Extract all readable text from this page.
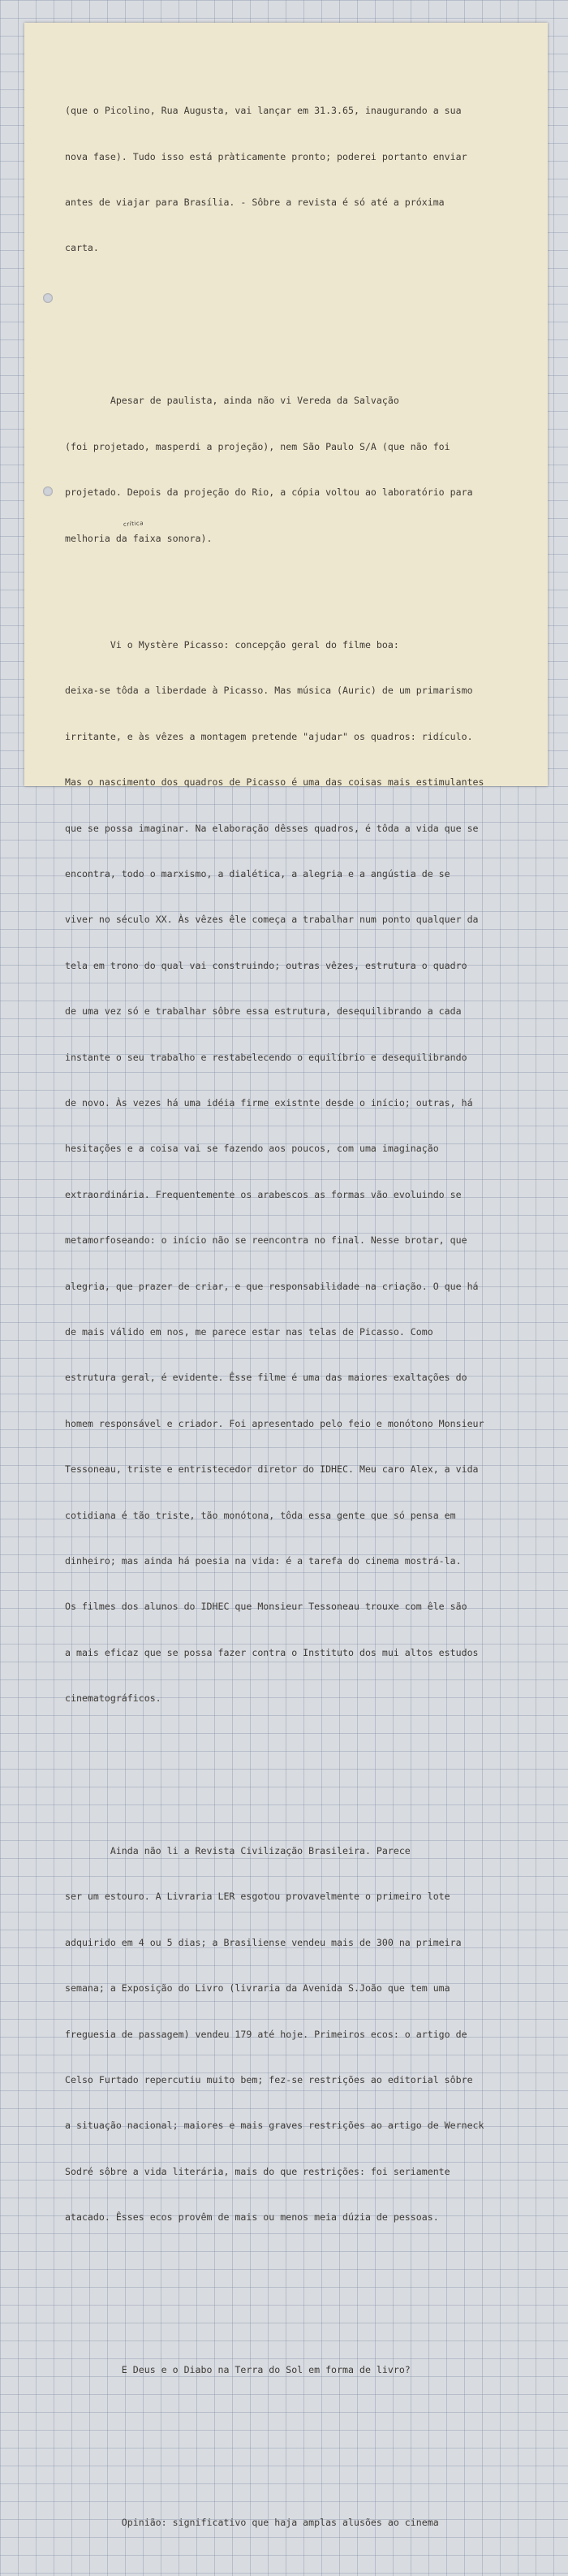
(que o Picolino, Rua Augusta, vai lançar em 31.3.65, inaugurando a sua

nova fase). Tudo isso está pràticamente pronto; poderei portanto enviar

antes de viajar para Brasília. - Sôbre a revista é só até a próxima

carta.

Apesar de paulista, ainda não vi Vereda da Salvação

(foi projetado, masperdi a projeção), nem São Paulo S/A (que não foi

projetado. Depois da projeção do Rio, a cópia voltou ao laboratório para

melhoria da faixa sonora).

Vi o Mystère Picasso: concepção geral do filme boa:

deixa-se tôda a liberdade à Picasso. Mas música (Auric) de um primarismo

irritante, e às vêzes a montagem pretende "ajudar" os quadros: ridículo.

Mas o nascimento dos quadros de Picasso é uma das coisas mais estimulantes

que se possa imaginar. Na elaboração dêsses quadros, é tôda a vida que se

encontra, todo o marxismo, a dialética, a alegria e a angústia de se

viver no século XX. Às vêzes êle começa a trabalhar num ponto qualquer da

tela em trono do qual vai construindo; outras vêzes, estrutura o quadro

de uma vez só e trabalhar sôbre essa estrutura, desequilibrando a cada

instante o seu trabalho e restabelecendo o equilíbrio e desequilibrando

de novo. Às vezes há uma idéia firme existnte desde o início; outras, há

hesitações e a coisa vai se fazendo aos poucos, com uma imaginação

extraordinária. Frequentemente os arabescos as formas vão evoluindo se

metamorfoseando: o início não se reencontra no final. Nesse brotar, que

alegria, que prazer de criar, e que responsabilidade na criação. O que há

de mais válido em nos, me parece estar nas telas de Picasso. Como

estrutura geral, é evidente. Êsse filme é uma das maiores exaltações do

homem responsável e criador. Foi apresentado pelo feio e monótono Monsieur

Tessoneau, triste e entristecedor diretor do IDHEC. Meu caro Alex, a vida

cotidiana é tão triste, tão monótona, tôda essa gente que só pensa em

dinheiro; mas ainda há poesia na vida: é a tarefa do cinema mostrá-la.

Os filmes dos alunos do IDHEC que Monsieur Tessoneau trouxe com êle são

a mais eficaz que se possa fazer contra o Instituto dos mui altos estudos

cinematográficos.

Ainda não li a Revista Civilização Brasileira. Parece

ser um estouro. A Livraria LER esgotou provavelmente o primeiro lote

adquirido em 4 ou 5 dias; a Brasiliense vendeu mais de 300 na primeira

semana; a Exposição do Livro (livraria da Avenida S.João que tem uma

freguesia de passagem) vendeu 179 até hoje. Primeiros ecos: o artigo de

Celso Furtado repercutiu muito bem; fez-se restrições ao editorial sôbre

a situação nacional; maiores e mais graves restrições ao artigo de Werneck

Sodré sôbre a vida literária, mais do que restrições: foi seriamente

atacado. Êsses ecos provêm de mais ou menos meia dúzia de pessoas.

E Deus e o Diabo na Terra do Sol em forma de livro?

Opinião: significativo que haja amplas alusões ao cinema

crítica
